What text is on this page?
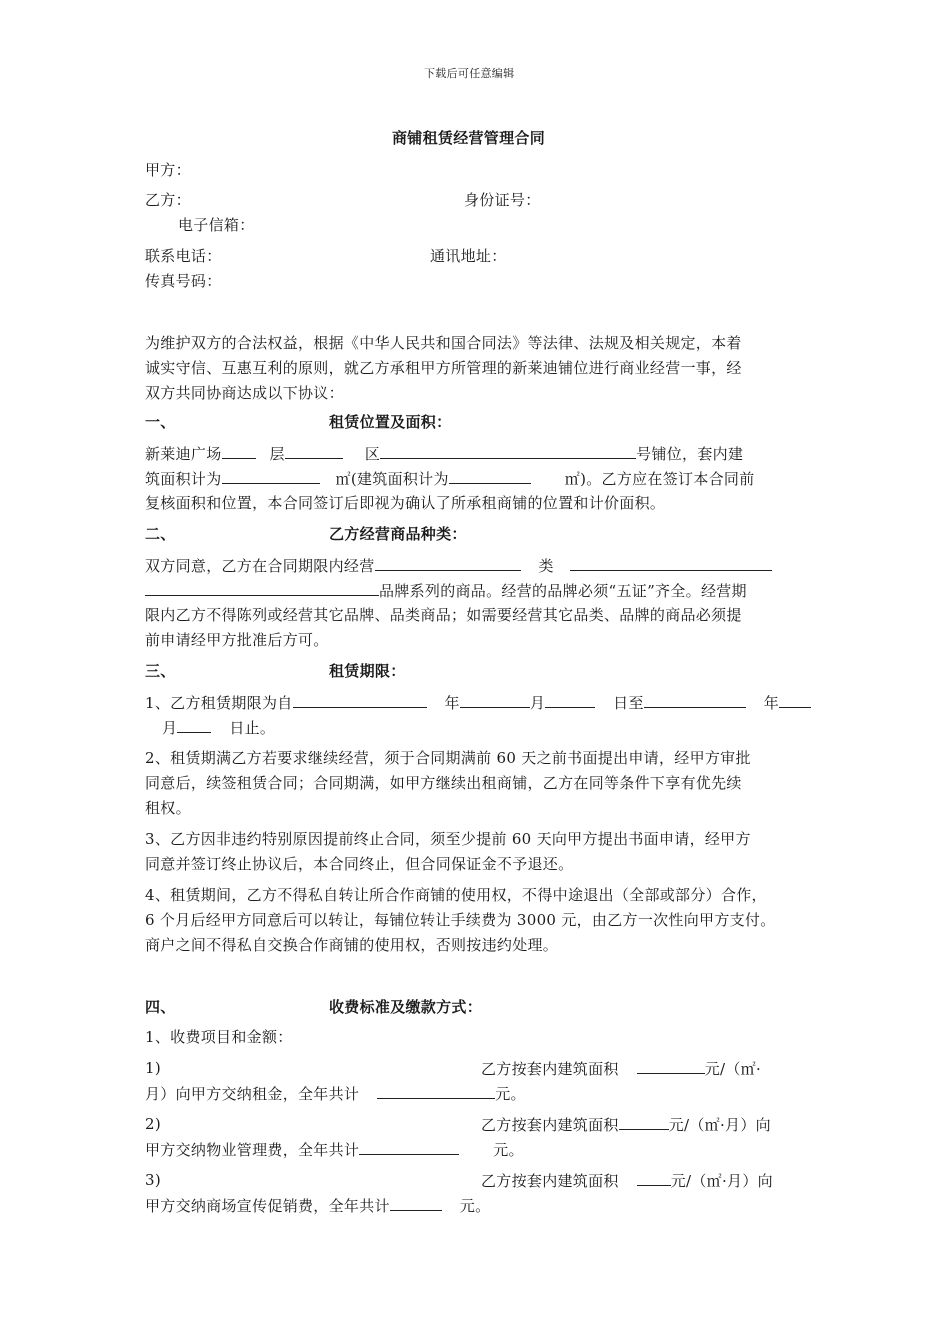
下载后可任意编辑
商铺租赁经营管理合同
甲方：
乙方：	身份证号：
电子信箱：
联系电话：	通讯地址：
传真号码：
为维护双方的合法权益，根据《中华人民共和国合同法》等法律、法规及相关规定，本着
诚实守信、互惠互利的原则，就乙方承租甲方所管理的新莱迪铺位进行商业经营一事，经
双方共同协商达成以下协议：
一、	租赁位置及面积：
新莱迪广场	层	区	号铺位，套内建
筑面积计为	㎡(建筑面积计为	㎡)。乙方应在签订本合同前
复核面积和位置，本合同签订后即视为确认了所承租商铺的位置和计价面积。
二、	乙方经营商品种类：
双方同意，乙方在合同期限内经营	类
品牌系列的商品。经营的品牌必须“五证”齐全。经营期
限内乙方不得陈列或经营其它品牌、品类商品；如需要经营其它品类、品牌的商品必须提
前申请经甲方批准后方可。
三、	租赁期限：
1、乙方租赁期限为自	年	月	日至	年
月	日止。
2、租赁期满乙方若要求继续经营，须于合同期满前 60 天之前书面提出申请，经甲方审批
同意后，续签租赁合同；合同期满，如甲方继续出租商铺，乙方在同等条件下享有优先续
租权。
3、乙方因非违约特别原因提前终止合同，须至少提前 60 天向甲方提出书面申请，经甲方
同意并签订终止协议后，本合同终止，但合同保证金不予退还。
4、租赁期间，乙方不得私自转让所合作商铺的使用权，不得中途退出（全部或部分）合作，
6 个月后经甲方同意后可以转让，每铺位转让手续费为 3000 元，由乙方一次性向甲方支付。
商户之间不得私自交换合作商铺的使用权，否则按违约处理。
四、	收费标准及缴款方式：
1、收费项目和金额：
1)	乙方按套内建筑面积	元/（㎡·
月）向甲方交纳租金，全年共计	元。
2)	乙方按套内建筑面积	元/（㎡·月）向
甲方交纳物业管理费，全年共计	元。
3)	乙方按套内建筑面积	元/（㎡·月）向
甲方交纳商场宣传促销费，全年共计	元。
